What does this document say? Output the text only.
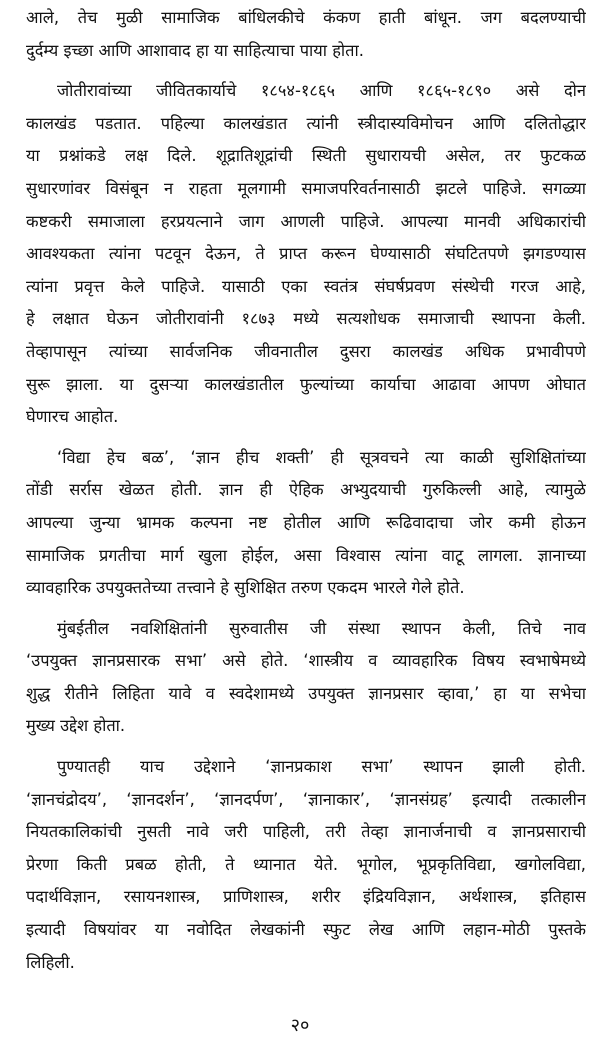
आले, तेच मुळी सामाजिक बांधिलकीचे कंकण हाती बांधून. जग बदलण्याची
दुर्दम्य इच्छा आणि आशावाद हा या साहित्याचा पाया होता.
जोतीरावांच्या जीवितकार्याचे १८५४-१८६५ आणि १८६५-१८९० असे दोन
कालखंड पडतात. पहिल्या कालखंडात त्यांनी स्त्रीदास्यविमोचन आणि दलितोद्धार
या प्रश्नांकडे लक्ष दिले. शूद्रातिशूद्रांची स्थिती सुधारायची असेल, तर फुटकळ
सुधारणांवर विसंबून न राहता मूलगामी समाजपरिवर्तनासाठी झटले पाहिजे. सगळ्या
कष्टकरी समाजाला हरप्रयत्नाने जाग आणली पाहिजे. आपल्या मानवी अधिकारांची
आवश्यकता त्यांना पटवून देऊन, ते प्राप्त करून घेण्यासाठी संघटितपणे झगडण्यास
त्यांना प्रवृत्त केले पाहिजे. यासाठी एका स्वतंत्र संघर्षप्रवण संस्थेची गरज आहे,
हे लक्षात घेऊन जोतीरावांनी १८७३ मध्ये सत्यशोधक समाजाची स्थापना केली.
तेव्हापासून त्यांच्या सार्वजनिक जीवनातील दुसरा कालखंड अधिक प्रभावीपणे
सुरू झाला. या दुसऱ्या कालखंडातील फुल्यांच्या कार्याचा आढावा आपण ओघात
घेणारच आहोत.
‘विद्या हेच बळ’, ‘ज्ञान हीच शक्ती’ ही सूत्रवचने त्या काळी सुशिक्षितांच्या
तोंडी सर्रास खेळत होती. ज्ञान ही ऐहिक अभ्युदयाची गुरुकिल्ली आहे, त्यामुळे
आपल्या जुन्या भ्रामक कल्पना नष्ट होतील आणि रूढिवादाचा जोर कमी होऊन
सामाजिक प्रगतीचा मार्ग खुला होईल, असा विश्वास त्यांना वाटू लागला. ज्ञानाच्या
व्यावहारिक उपयुक्ततेच्या तत्त्वाने हे सुशिक्षित तरुण एकदम भारले गेले होते.
मुंबईतील नवशिक्षितांनी सुरुवातीस जी संस्था स्थापन केली, तिचे नाव
‘उपयुक्त ज्ञानप्रसारक सभा’ असे होते. ‘शास्त्रीय व व्यावहारिक विषय स्वभाषेमध्ये
शुद्ध रीतीने लिहिता यावे व स्वदेशामध्ये उपयुक्त ज्ञानप्रसार व्हावा,’ हा या सभेचा
मुख्य उद्देश होता.
पुण्यातही याच उद्देशाने ‘ज्ञानप्रकाश सभा’ स्थापन झाली होती.
‘ज्ञानचंद्रोदय’, ‘ज्ञानदर्शन’, ‘ज्ञानदर्पण’, ‘ज्ञानाकार’, ‘ज्ञानसंग्रह’ इत्यादी तत्कालीन
नियतकालिकांची नुसती नावे जरी पाहिली, तरी तेव्हा ज्ञानार्जनाची व ज्ञानप्रसाराची
प्रेरणा किती प्रबळ होती, ते ध्यानात येते. भूगोल, भूप्रकृतिविद्या, खगोलविद्या,
पदार्थविज्ञान, रसायनशास्त्र, प्राणिशास्त्र, शरीर इंद्रियविज्ञान, अर्थशास्त्र, इतिहास
इत्यादी विषयांवर या नवोदित लेखकांनी स्फुट लेख आणि लहान-मोठी पुस्तके
लिहिली.
२०
